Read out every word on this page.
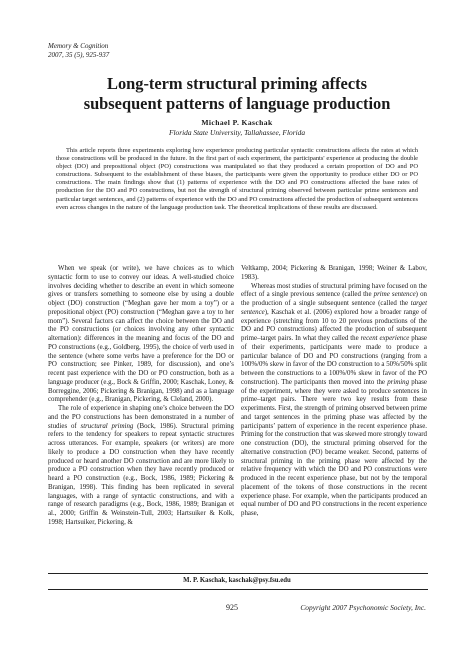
Memory & Cognition
2007, 35 (5), 925-937
Long-term structural priming affects
subsequent patterns of language production
Michael P. Kaschak
Florida State University, Tallahassee, Florida

This article reports three experiments exploring how experience producing particular syntactic constructions affects the rates at which those constructions will be produced in the future. In the first part of each experiment, the participants' experience at producing the double object (DO) and prepositional object (PO) constructions was manipulated so that they produced a certain proportion of DO and PO constructions. Subsequent to the establishment of these biases, the participants were given the opportunity to produce either DO or PO constructions. The main findings show that (1) patterns of experience with the DO and PO constructions affected the base rates of production for the DO and PO constructions, but not the strength of structural priming observed between particular prime sentences and particular target sentences, and (2) patterns of experience with the DO and PO constructions affected the production of subsequent sentences even across changes in the nature of the language production task. The theoretical implications of these results are discussed.

When we speak (or write), we have choices as to which syntactic form to use to convey our ideas. A well-studied choice involves deciding whether to describe an event in which someone gives or transfers something to someone else by using a double object (DO) construction (“Meghan gave her mom a toy”) or a prepositional object (PO) construction (“Meghan gave a toy to her mom”). Several factors can affect the choice between the DO and the PO constructions (or choices involving any other syntactic alternation): differences in the meaning and focus of the DO and PO constructions (e.g., Goldberg, 1995), the choice of verb used in the sentence (where some verbs have a preference for the DO or PO construction; see Pinker, 1989, for discussion), and one’s recent past experience with the DO or PO construction, both as a language producer (e.g., Bock & Griffin, 2000; Kaschak, Loney, & Borreggine, 2006; Pickering & Branigan, 1998) and as a language comprehender (e.g., Branigan, Pickering, & Cleland, 2000).

The role of experience in shaping one’s choice between the DO and the PO constructions has been demonstrated in a number of studies of structural priming (Bock, 1986). Structural priming refers to the tendency for speakers to repeat syntactic structures across utterances. For example, speakers (or writers) are more likely to produce a DO construction when they have recently produced or heard another DO construction and are more likely to produce a PO construction when they have recently produced or heard a PO construction (e.g., Bock, 1986, 1989; Pickering & Branigan, 1998). This finding has been replicated in several languages, with a range of syntactic constructions, and with a range of research paradigms (e.g., Bock, 1986, 1989; Branigan et al., 2000; Griffin & Weinstein-Tull, 2003; Hartsuiker & Kolk, 1998; Hartsuiker, Pickering, &

Veltkamp, 2004; Pickering & Branigan, 1998; Weiner & Labov, 1983).

Whereas most studies of structural priming have focused on the effect of a single previous sentence (called the prime sentence) on the production of a single subsequent sentence (called the target sentence), Kaschak et al. (2006) explored how a broader range of experience (stretching from 10 to 20 previous productions of the DO and PO constructions) affected the production of subsequent prime–target pairs. In what they called the recent experience phase of their experiments, participants were made to produce a particular balance of DO and PO constructions (ranging from a 100%/0% skew in favor of the DO construction to a 50%/50% split between the constructions to a 100%/0% skew in favor of the PO construction). The participants then moved into the priming phase of the experiment, where they were asked to produce sentences in prime–target pairs. There were two key results from these experiments. First, the strength of priming observed between prime and target sentences in the priming phase was affected by the participants’ pattern of experience in the recent experience phase. Priming for the construction that was skewed more strongly toward one construction (DO), the structural priming observed for the alternative construction (PO) became weaker. Second, patterns of structural priming in the priming phase were affected by the relative frequency with which the DO and PO constructions were produced in the recent experience phase, but not by the temporal placement of the tokens of those constructions in the recent experience phase. For example, when the participants produced an equal number of DO and PO constructions in the recent experience phase,

M. P. Kaschak, kaschak@psy.fsu.edu
925	Copyright 2007 Psychonomic Society, Inc.
